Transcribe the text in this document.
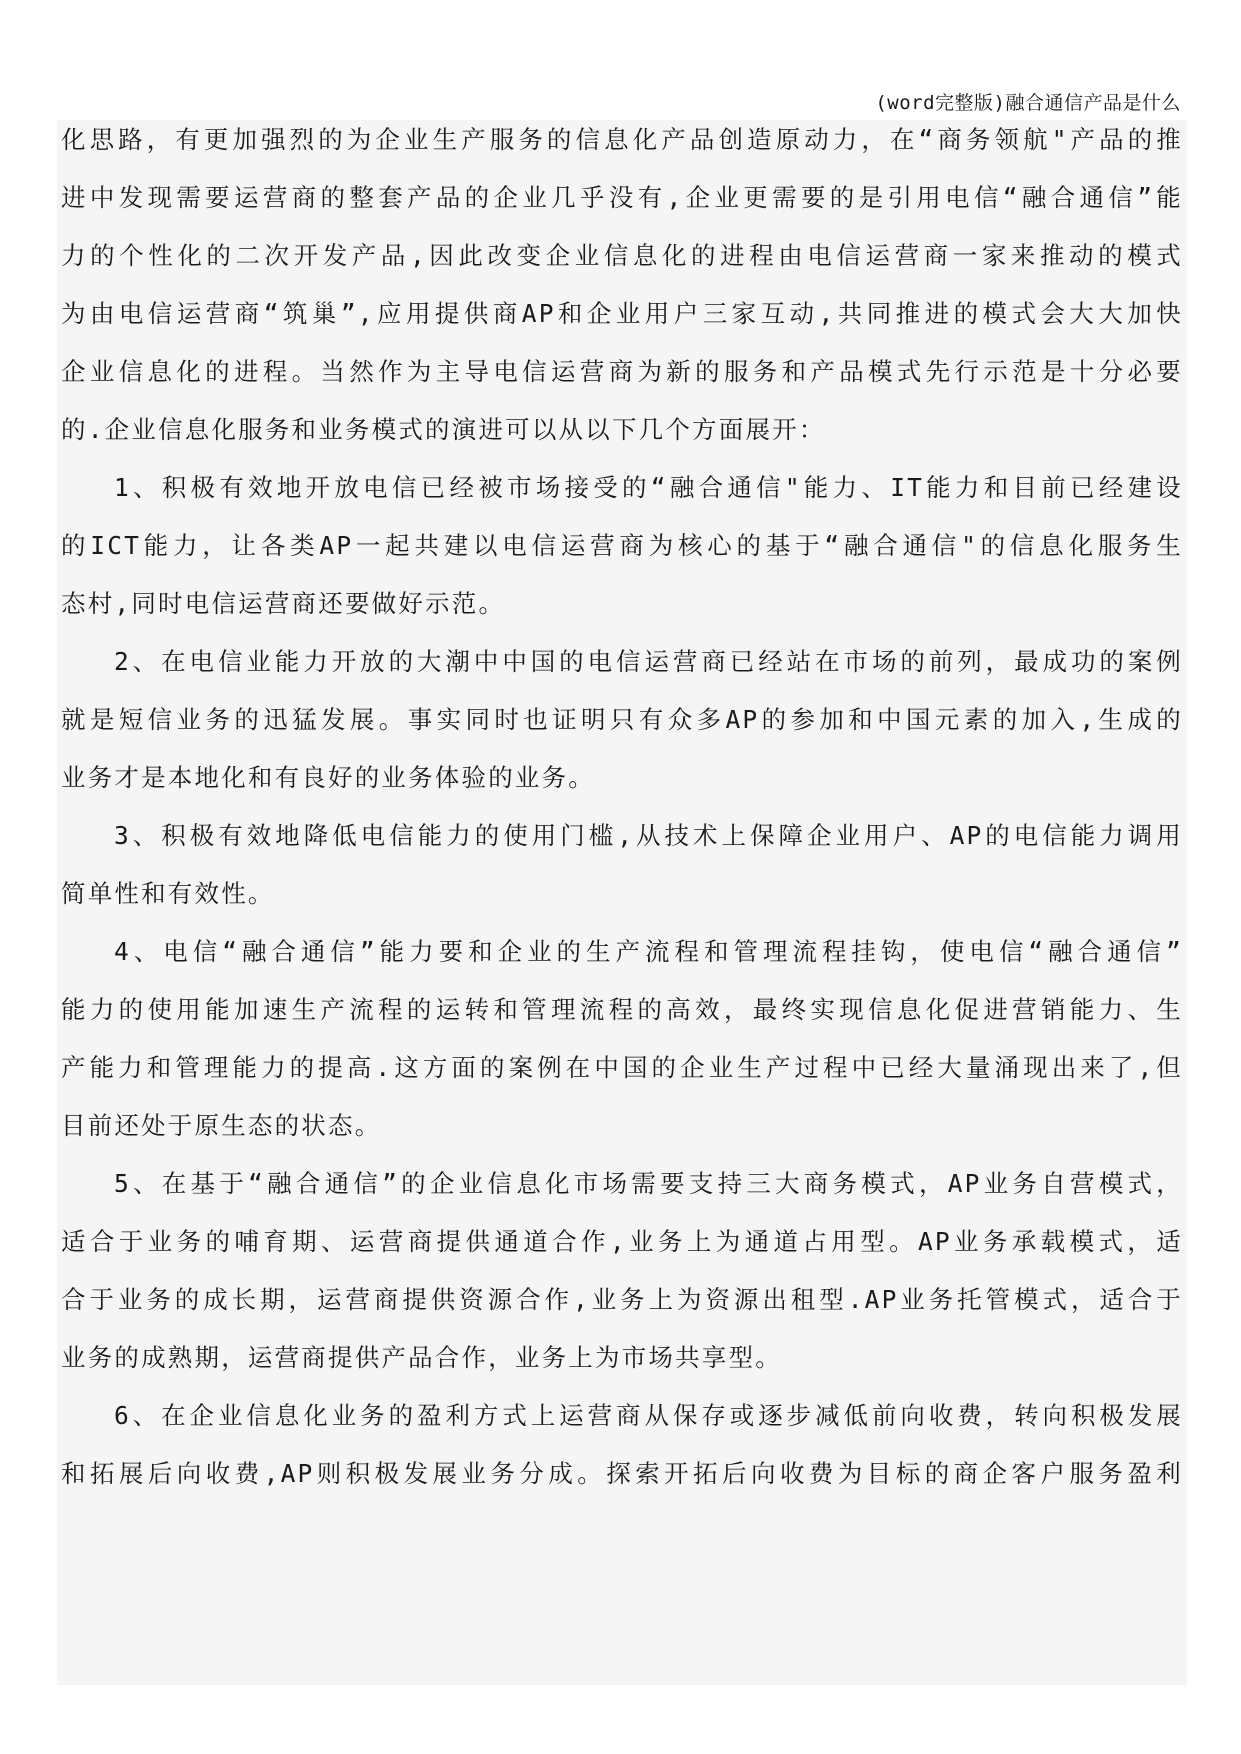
(word完整版)融合通信产品是什么
化思路，有更加强烈的为企业生产服务的信息化产品创造原动力，在“商务领航"产品的推
进中发现需要运营商的整套产品的企业几乎没有,企业更需要的是引用电信“融合通信”能
力的个性化的二次开发产品,因此改变企业信息化的进程由电信运营商一家来推动的模式
为由电信运营商“筑巢”,应用提供商AP和企业用户三家互动,共同推进的模式会大大加快
企业信息化的进程。当然作为主导电信运营商为新的服务和产品模式先行示范是十分必要
的.企业信息化服务和业务模式的演进可以从以下几个方面展开：
1、积极有效地开放电信已经被市场接受的“融合通信"能力、IT能力和目前已经建设
的ICT能力，让各类AP一起共建以电信运营商为核心的基于“融合通信"的信息化服务生
态村,同时电信运营商还要做好示范。
2、在电信业能力开放的大潮中中国的电信运营商已经站在市场的前列，最成功的案例
就是短信业务的迅猛发展。事实同时也证明只有众多AP的参加和中国元素的加入,生成的
业务才是本地化和有良好的业务体验的业务。
3、积极有效地降低电信能力的使用门槛,从技术上保障企业用户、AP的电信能力调用
简单性和有效性。
4、电信“融合通信”能力要和企业的生产流程和管理流程挂钩，使电信“融合通信”
能力的使用能加速生产流程的运转和管理流程的高效，最终实现信息化促进营销能力、生
产能力和管理能力的提高.这方面的案例在中国的企业生产过程中已经大量涌现出来了,但
目前还处于原生态的状态。
5、在基于“融合通信”的企业信息化市场需要支持三大商务模式，AP业务自营模式，
适合于业务的哺育期、运营商提供通道合作,业务上为通道占用型。AP业务承载模式，适
合于业务的成长期，运营商提供资源合作,业务上为资源出租型.AP业务托管模式，适合于
业务的成熟期，运营商提供产品合作，业务上为市场共享型。
6、在企业信息化业务的盈利方式上运营商从保存或逐步减低前向收费，转向积极发展
和拓展后向收费,AP则积极发展业务分成。探索开拓后向收费为目标的商企客户服务盈利
